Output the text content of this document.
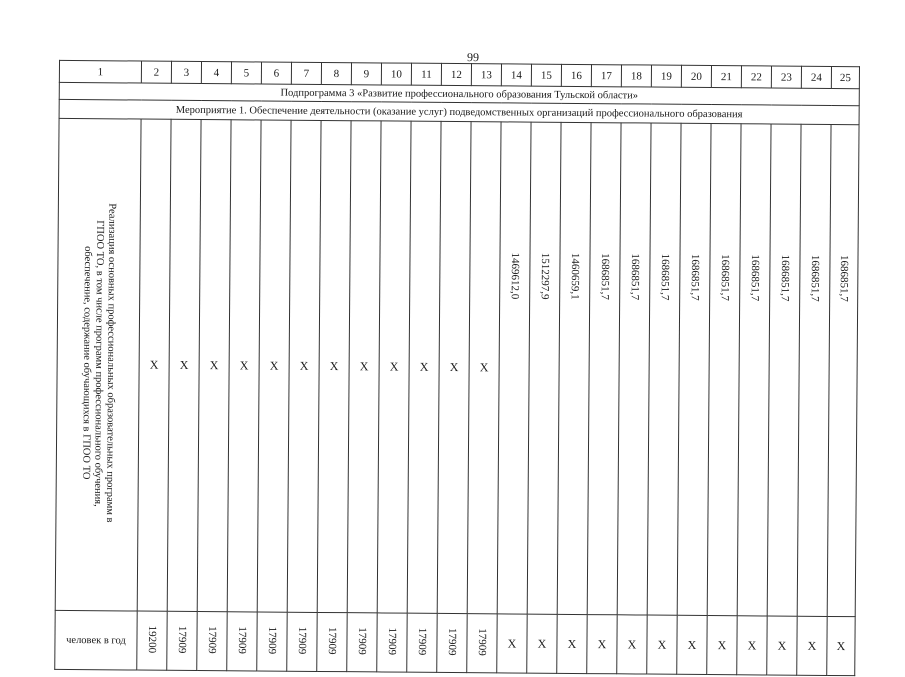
99
1	2	3	4	5	6	7	8	9	10	11	12	13	14	15	16	17	18	19	20	21	22	23	24	25
Подпрограмма 3 «Развитие профессионального образования Тульской области»																								
Мероприятие 1. Обеспечение деятельности (оказание услуг) подведомственных организаций профессионального образования																								
Реализация основных профессиональных образовательных программ в ГПОО ТО, в том числе программ профессионального обучения, обеспечение, содержание обучающихся в ГПОО ТО	Х	Х	Х	Х	Х	Х	Х	Х	Х	Х	Х	Х	1469612,0	1512297,9	1460659,1	1686851,7	1686851,7	1686851,7	1686851,7	1686851,7	1686851,7	1686851,7	1686851,7	1686851,7
человек в год	19200	17909	17909	17909	17909	17909	17909	17909	17909	17909	17909	17909	Х	Х	Х	Х	Х	Х	Х	Х	Х	Х	Х	Х
